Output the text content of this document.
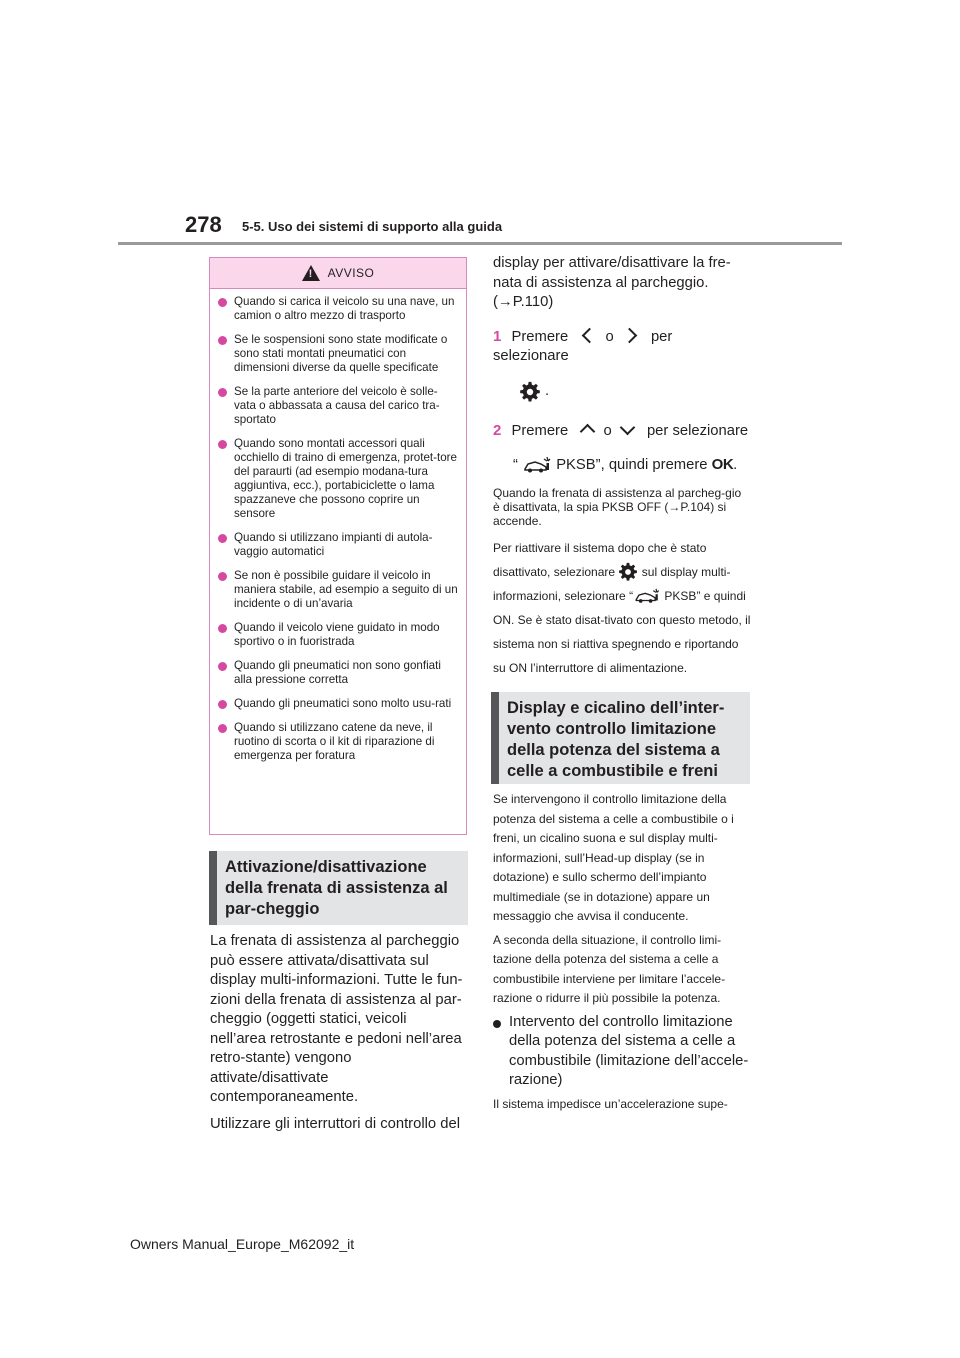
278 5-5. Uso dei sistemi di supporto alla guida
!
AVVISO
Quando si carica il veicolo su una nave, un camion o altro mezzo di trasporto
Se le sospensioni sono state modificate o sono stati montati pneumatici con dimensioni diverse da quelle specificate
Se la parte anteriore del veicolo è solle-vata o abbassata a causa del carico tra-sportato
Quando sono montati accessori quali occhiello di traino di emergenza, protet-tore del paraurti (ad esempio modana-tura aggiuntiva, ecc.), portabiciclette o lama spazzaneve che possono coprire un sensore
Quando si utilizzano impianti di autola-vaggio automatici
Se non è possibile guidare il veicolo in maniera stabile, ad esempio a seguito di un incidente o di un’avaria
Quando il veicolo viene guidato in modo sportivo o in fuoristrada
Quando gli pneumatici non sono gonfiati alla pressione corretta
Quando gli pneumatici sono molto usu-rati
Quando si utilizzano catene da neve, il ruotino di scorta o il kit di riparazione di emergenza per foratura
Attivazione/disattivazione della frenata di assistenza al par-cheggio

La frenata di assistenza al parcheggio può essere attivata/disattivata sul display multi-informazioni. Tutte le fun-zioni della frenata di assistenza al par-cheggio (oggetti statici, veicoli nell’area retrostante e pedoni nell’area retro-stante) vengono attivate/disattivate contemporaneamente.

Utilizzare gli interruttori di controllo del

display per attivare/disattivare la fre-nata di assistenza al parcheggio.
(→P.110)
1 Premere	o	per selezionare
.
2 Premere o per selezionare
“	PKSB”, quindi premere OK.
Quando la frenata di assistenza al parcheg-gio è disattivata, la spia PKSB OFF (→P.104) si accende.
Per riattivare il sistema dopo che è stato disattivato, selezionare sul display multi-informazioni, selezionare “	PKSB” e quindi ON. Se è stato disat-tivato con questo metodo, il sistema non si riattiva spegnendo e riportando su ON l’interruttore di alimentazione.
Display e cicalino dell’inter-vento controllo limitazione della potenza del sistema a celle a combustibile e freni

Se intervengono il controllo limitazione della potenza del sistema a celle a combustibile o i freni, un cicalino suona e sul display multi-informazioni, sull’Head-up display (se in dotazione) e sullo schermo dell’impianto multimediale (se in dotazione) appare un messaggio che avvisa il conducente.

A seconda della situazione, il controllo limi-tazione della potenza del sistema a celle a combustibile interviene per limitare l’accele-razione o ridurre il più possibile la potenza.

Intervento del controllo limitazione della potenza del sistema a celle a combustibile (limitazione dell’accele-razione)

Il sistema impedisce un’accelerazione supe-

Owners Manual_Europe_M62092_it
